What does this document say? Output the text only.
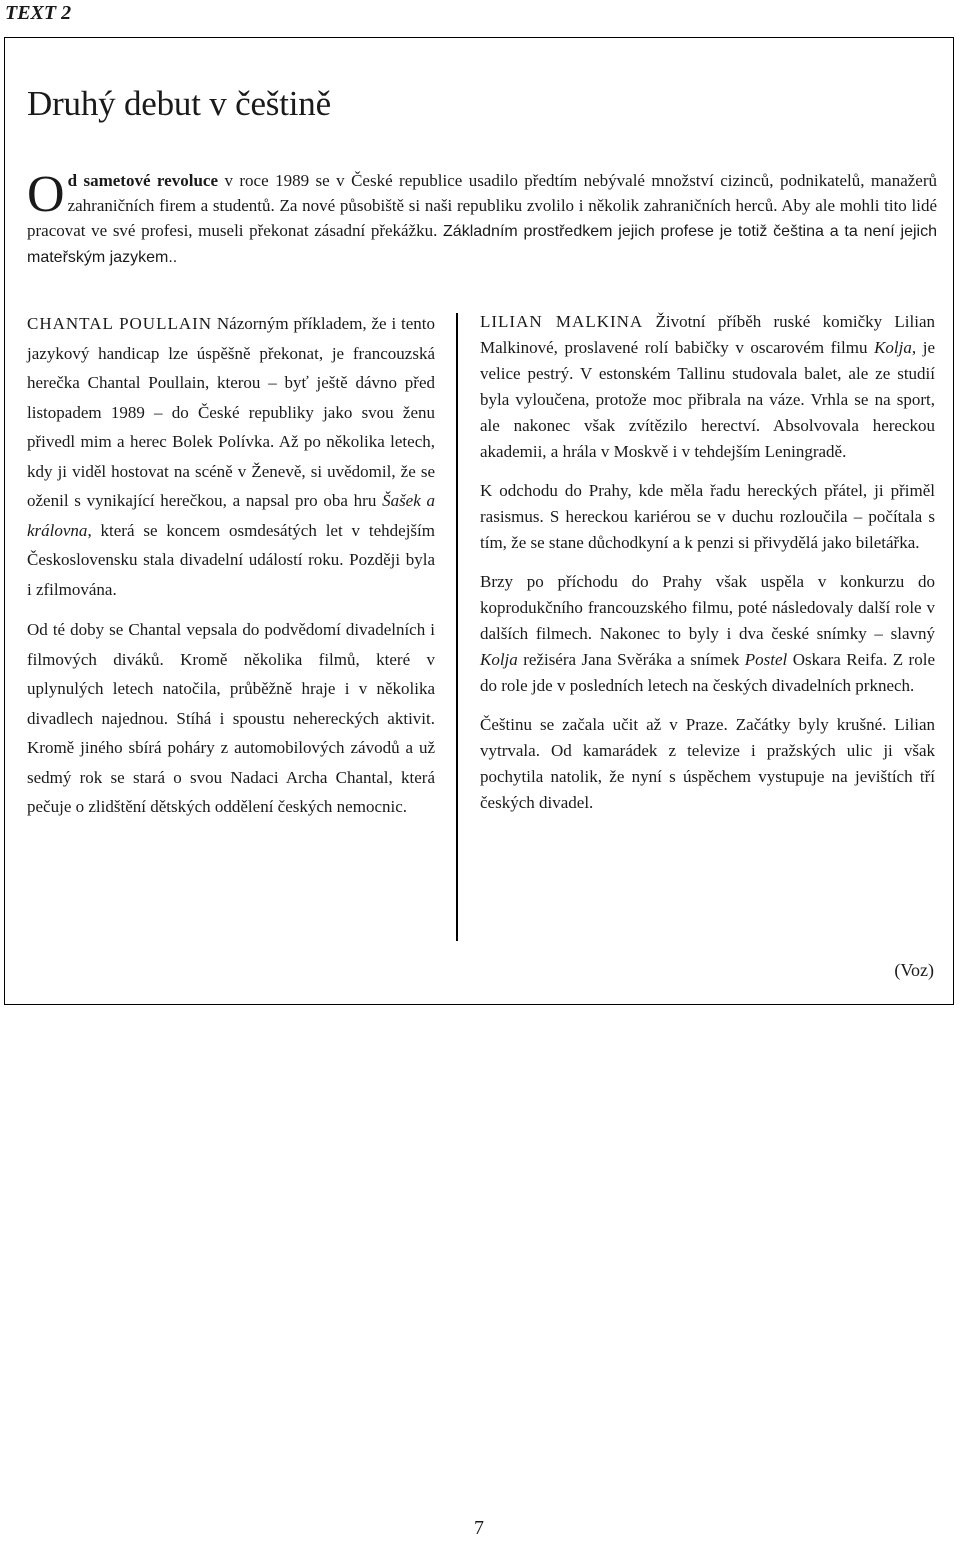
TEXT 2
Druhý debut v češtině
Od sametové revoluce v roce 1989 se v České republice usadilo předtím nebývalé množství cizinců, podnikatelů, manažerů zahraničních firem a studentů. Za nové působiště si naši republiku zvolilo i několik zahraničních herců. Aby ale mohli tito lidé pracovat ve své profesi, museli překonat zásadní překážku. Základním prostředkem jejich profese je totiž čeština a ta není jejich mateřským jazykem..

CHANTAL POULLAIN Názorným příkladem, že i tento jazykový handicap lze úspěšně překonat, je francouzská herečka Chantal Poullain, kterou – byť ještě dávno před listopadem 1989 – do České republiky jako svou ženu přivedl mim a herec Bolek Polívka. Až po několika letech, kdy ji viděl hostovat na scéně v Ženevě, si uvědomil, že se oženil s vynikající herečkou, a napsal pro oba hru Šašek a královna, která se koncem osmdesátých let v tehdejším Československu stala divadelní událostí roku. Později byla i zfilmována.

Od té doby se Chantal vepsala do podvědomí divadelních i filmových diváků. Kromě několika filmů, které v uplynulých letech natočila, průběžně hraje i v několika divadlech najednou. Stíhá i spoustu nehereckých aktivit. Kromě jiného sbírá poháry z automobilových závodů a už sedmý rok se stará o svou Nadaci Archa Chantal, která pečuje o zlidštění dětských oddělení českých nemocnic.

LILIAN MALKINA Životní příběh ruské komičky Lilian Malkinové, proslavené rolí babičky v oscarovém filmu Kolja, je velice pestrý. V estonském Tallinu studovala balet, ale ze studií byla vyloučena, protože moc přibrala na váze. Vrhla se na sport, ale nakonec však zvítězilo herectví. Absolvovala hereckou akademii, a hrála v Moskvě i v tehdejším Leningradě.

K odchodu do Prahy, kde měla řadu hereckých přátel, ji přiměl rasismus. S hereckou kariérou se v duchu rozloučila – počítala s tím, že se stane důchodkyní a k penzi si přivydělá jako biletářka.

Brzy po příchodu do Prahy však uspěla v konkurzu do koprodukčního francouzského filmu, poté následovaly další role v dalších filmech. Nakonec to byly i dva české snímky – slavný Kolja režiséra Jana Svěráka a snímek Postel Oskara Reifa. Z role do role jde v posledních letech na českých divadelních prknech.

Češtinu se začala učit až v Praze. Začátky byly krušné. Lilian vytrvala. Od kamarádek z televize i pražských ulic ji však pochytila natolik, že nyní s úspěchem vystupuje na jevištích tří českých divadel.

(Voz)
7
